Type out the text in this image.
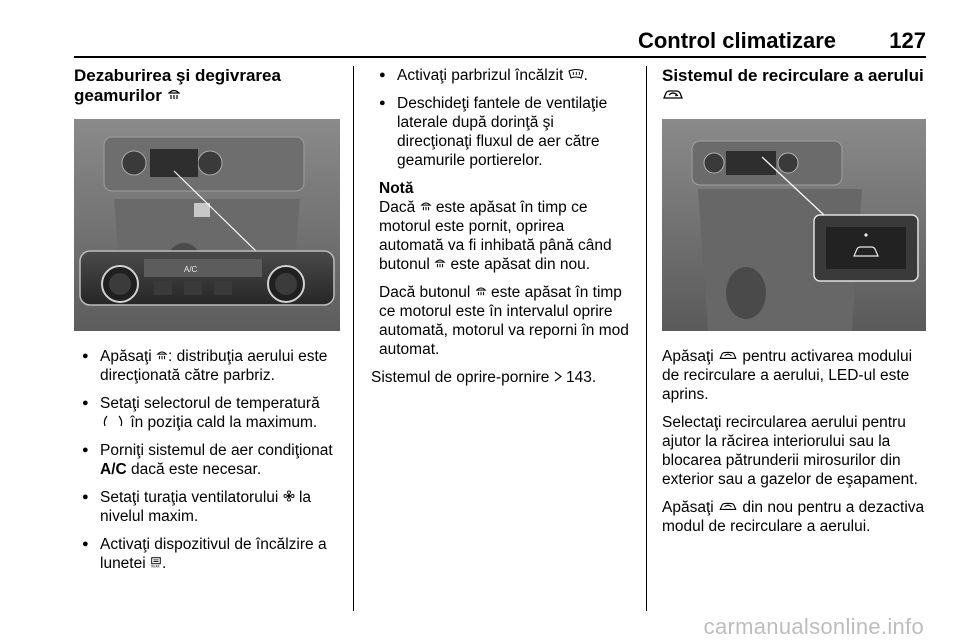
Control climatizare 127
Dezaburirea şi degivrarea geamurilor
A/C
● Apăsaţi : distribuţia aerului este direcţionată către parbriz.
● Setaţi selectorul de temperatură  în poziţia cald la maximum.
● Porniţi sistemul de aer condiţionat A/C dacă este necesar.
● Setaţi turaţia ventilatorului la nivelul maxim.
● Activaţi dispozitivul de încălzire a lunetei REAR .
● Activaţi parbrizul încălzit .
● Deschideţi fantele de ventilaţie laterale după dorinţă şi direcţionaţi fluxul de aer către geamurile portierelor.

Notă

Dacă este apăsat în timp ce motorul este pornit, oprirea automată va fi inhibată până când butonul este apăsat din nou.

Dacă butonul este apăsat în timp ce motorul este în intervalul oprire automată, motorul va reporni în mod automat.

Sistemul de oprire-pornire 143.

Sistemul de recirculare a aerului

Apăsaţi pentru activarea modului de recirculare a aerului, LED-ul este aprins.

Selectaţi recircularea aerului pentru ajutor la răcirea interiorului sau la blocarea pătrunderii mirosurilor din exterior sau a gazelor de eşapament.

Apăsaţi din nou pentru a dezactiva modul de recirculare a aerului.

carmanualsonline.info
